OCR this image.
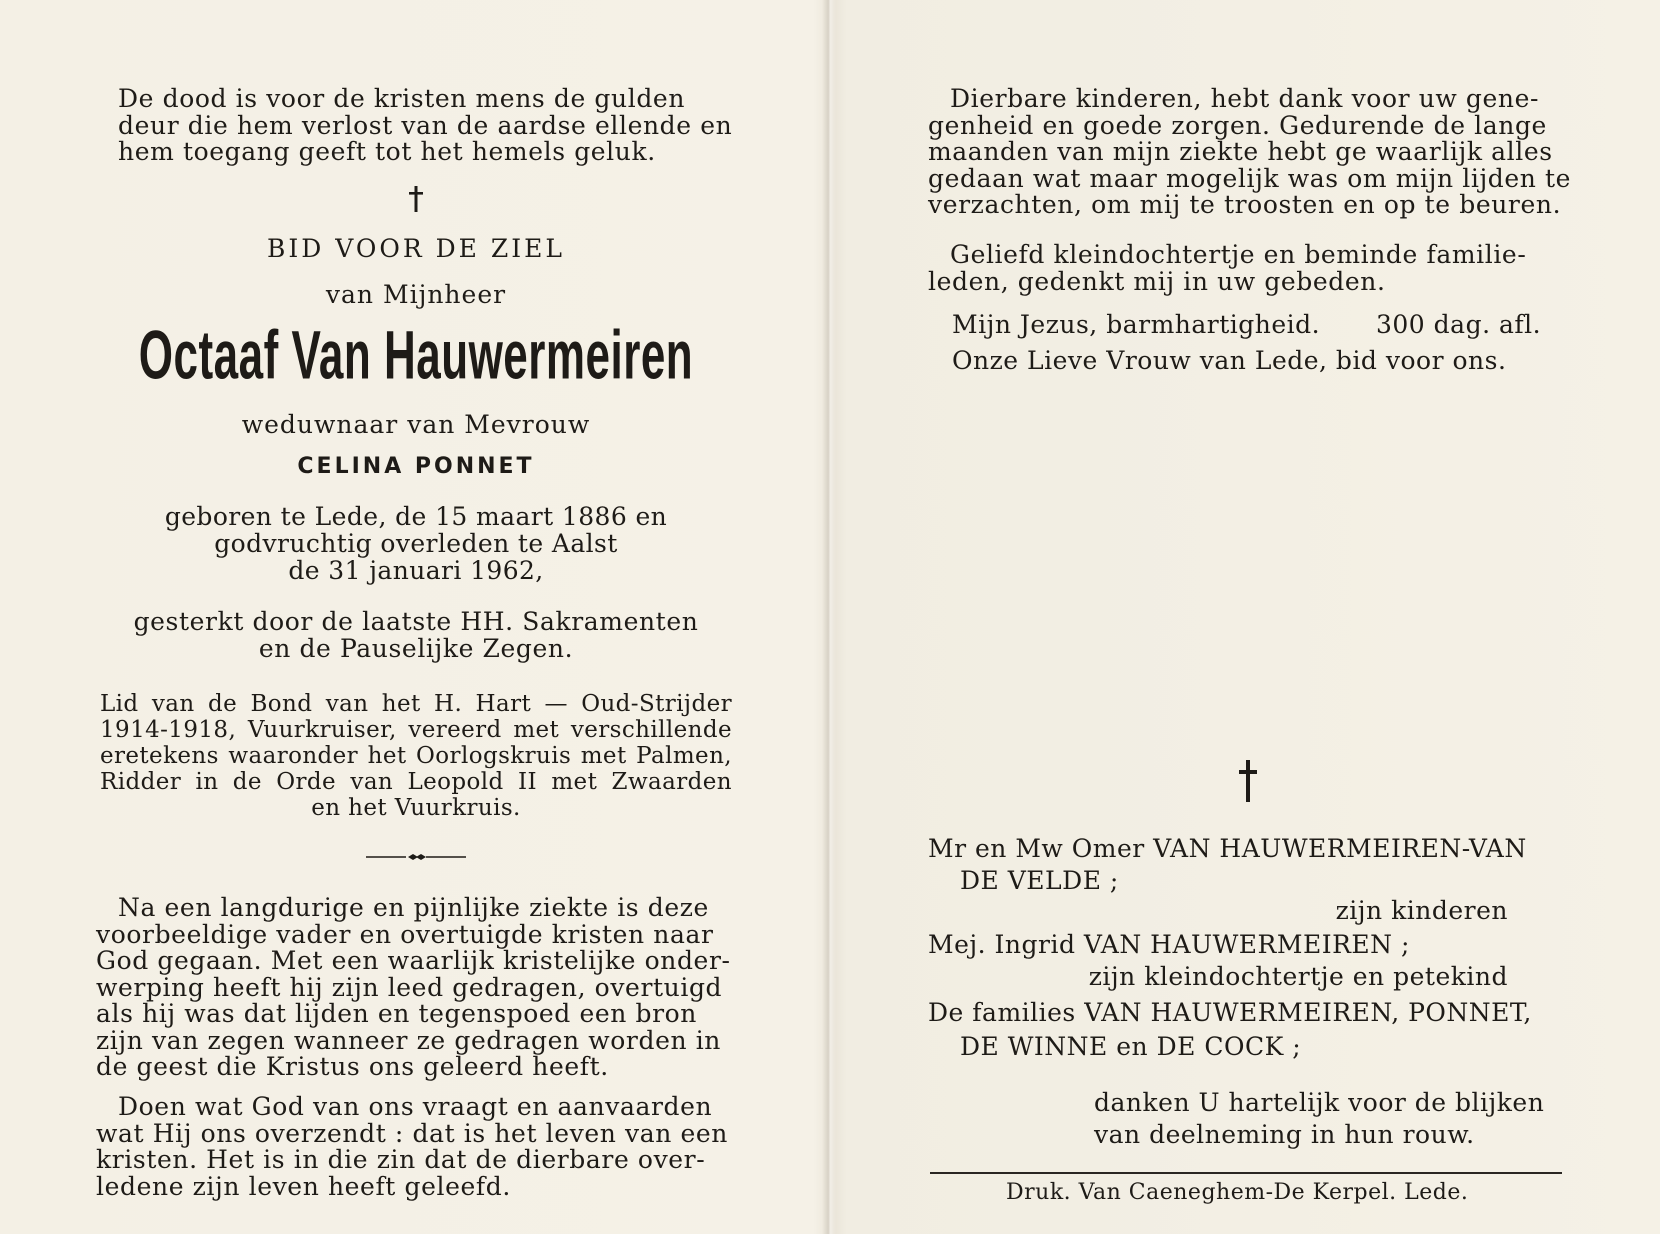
De dood is voor de kristen mens de gulden
deur die hem verlost van de aardse ellende en
hem toegang geeft tot het hemels geluk.

BID VOOR DE ZIEL
van Mijnheer
Octaaf Van Hauwermeiren
weduwnaar van Mevrouw
CELINA PONNET
geboren te Lede, de 15 maart 1886 en
godvruchtig overleden te Aalst
de 31 januari 1962,
gesterkt door de laatste HH. Sakramenten
en de Pauselijke Zegen.
Lid van de Bond van het H. Hart — Oud-Strijder
1914-1918, Vuurkruiser, vereerd met verschillende
eretekens waaronder het Oorlogskruis met Palmen,
Ridder in de Orde van Leopold II met Zwaarden
en het Vuurkruis.

Na een langdurige en pijnlijke ziekte is deze
voorbeeldige vader en overtuigde kristen naar
God gegaan. Met een waarlijk kristelijke onder-
werping heeft hij zijn leed gedragen, overtuigd
als hij was dat lijden en tegenspoed een bron
zijn van zegen wanneer ze gedragen worden in
de geest die Kristus ons geleerd heeft.

Doen wat God van ons vraagt en aanvaarden
wat Hij ons overzendt : dat is het leven van een
kristen. Het is in die zin dat de dierbare over-
ledene zijn leven heeft geleefd.

Dierbare kinderen, hebt dank voor uw gene-
genheid en goede zorgen. Gedurende de lange
maanden van mijn ziekte hebt ge waarlijk alles
gedaan wat maar mogelijk was om mijn lijden te
verzachten, om mij te troosten en op te beuren.

Geliefd kleindochtertje en beminde familie-
leden, gedenkt mij in uw gebeden.

Mijn Jezus, barmhartigheid. 300 dag. afl.
Onze Lieve Vrouw van Lede, bid voor ons.
Mr en Mw Omer VAN HAUWERMEIREN-VAN
DE VELDE ;
zijn kinderen
Mej. Ingrid VAN HAUWERMEIREN ;
zijn kleindochtertje en petekind
De families VAN HAUWERMEIREN, PONNET,
DE WINNE en DE COCK ;
danken U hartelijk voor de blijken
van deelneming in hun rouw.
Druk. Van Caeneghem-De Kerpel. Lede.
